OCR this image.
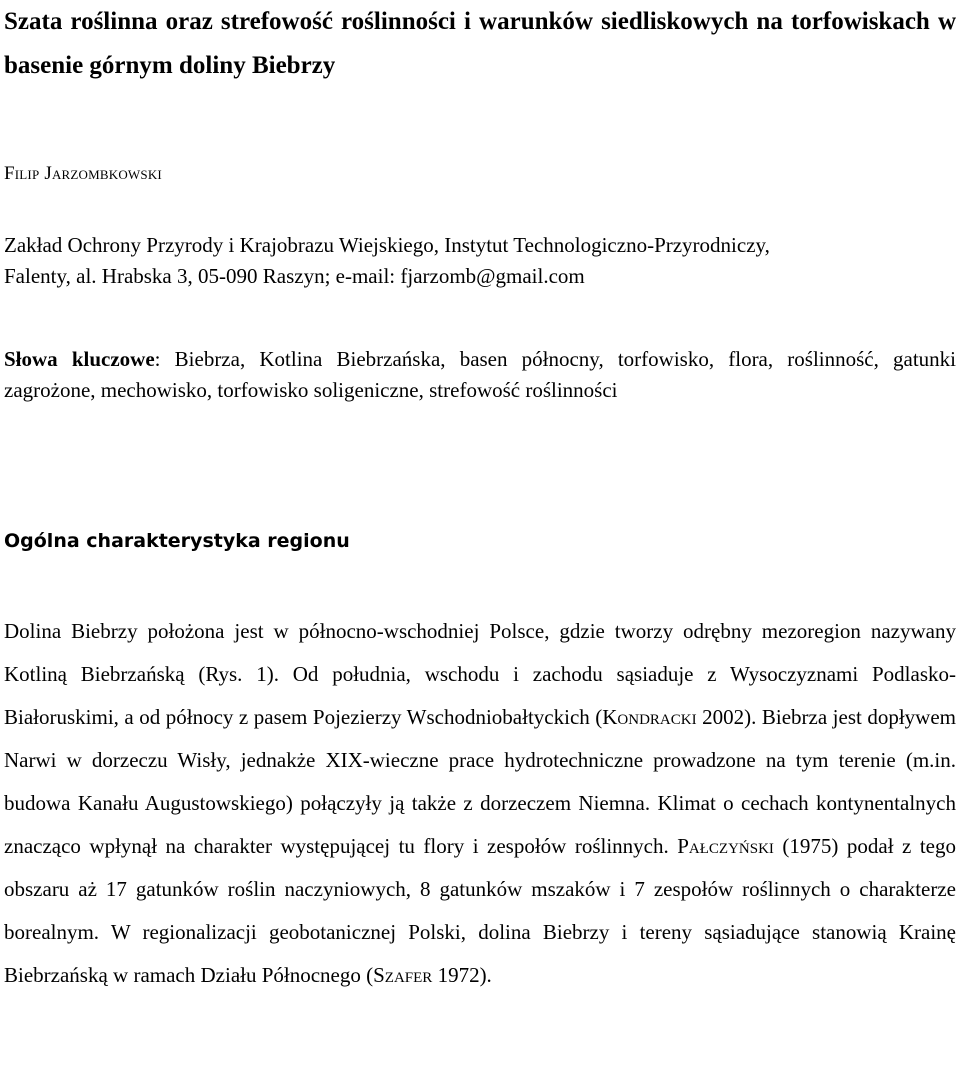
Szata roślinna oraz strefowość roślinności i warunków siedliskowych na torfowiskach w basenie górnym doliny Biebrzy
Filip Jarzombkowski
Zakład Ochrony Przyrody i Krajobrazu Wiejskiego, Instytut Technologiczno-Przyrodniczy,
Falenty, al. Hrabska 3, 05-090 Raszyn; e-mail: fjarzomb@gmail.com

Słowa kluczowe: Biebrza, Kotlina Biebrzańska, basen północny, torfowisko, flora, roślinność, gatunki zagrożone, mechowisko, torfowisko soligeniczne, strefowość roślinności

Ogólna charakterystyka regionu

Dolina Biebrzy położona jest w północno-wschodniej Polsce, gdzie tworzy odrębny mezoregion nazywany Kotliną Biebrzańską (Rys. 1). Od południa, wschodu i zachodu sąsiaduje z Wysoczyznami Podlasko-Białoruskimi, a od północy z pasem Pojezierzy Wschodniobałtyckich (Kondracki 2002). Biebrza jest dopływem Narwi w dorzeczu Wisły, jednakże XIX-wieczne prace hydrotechniczne prowadzone na tym terenie (m.in. budowa Kanału Augustowskiego) połączyły ją także z dorzeczem Niemna. Klimat o cechach kontynentalnych znacząco wpłynął na charakter występującej tu flory i zespołów roślinnych. Pałczyński (1975) podał z tego obszaru aż 17 gatunków roślin naczyniowych, 8 gatunków mszaków i 7 zespołów roślinnych o charakterze borealnym. W regionalizacji geobotanicznej Polski, dolina Biebrzy i tereny sąsiadujące stanowią Krainę Biebrzańską w ramach Działu Północnego (Szafer 1972).
